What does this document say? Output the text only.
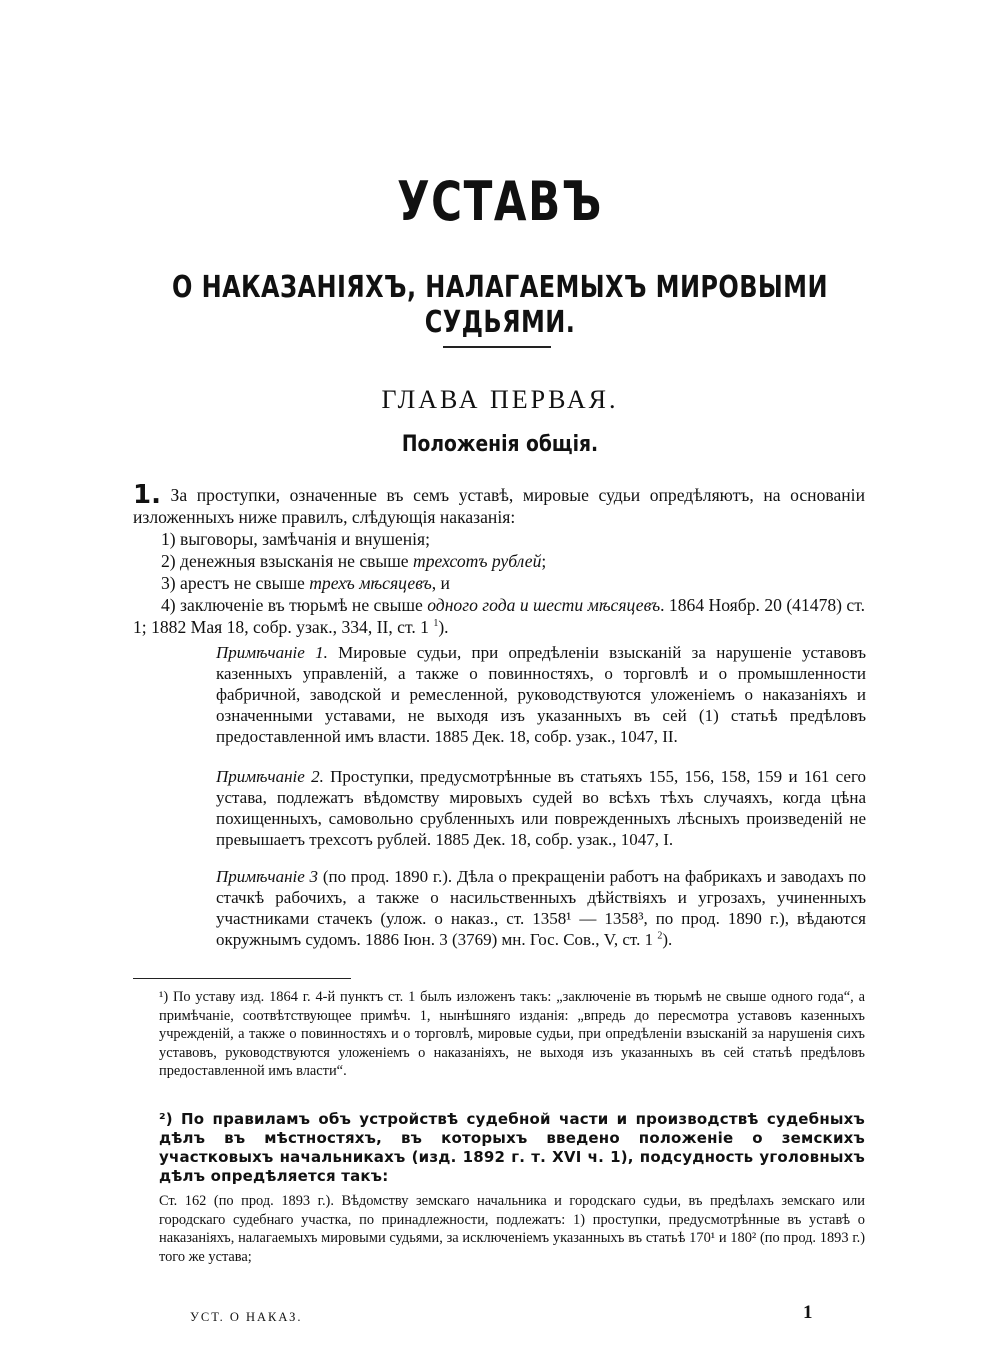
УСТАВЪ
О НАКАЗАНІЯХЪ, НАЛАГАЕМЫХЪ МИРОВЫМИ СУДЬЯМИ.
ГЛАВА ПЕРВАЯ.
Положенія общія.
1. За проступки, означенные въ семъ уставѣ, мировые судьи опредѣляютъ, на основаніи изложенныхъ ниже правилъ, слѣдующія наказанія:
1) выговоры, замѣчанія и внушенія;
2) денежныя взысканія не свыше трехсотъ рублей;
3) арестъ не свыше трехъ мѣсяцевъ, и
4) заключеніе въ тюрьмѣ не свыше одного года и шести мѣсяцевъ. 1864 Ноябр. 20 (41478) ст. 1; 1882 Мая 18, собр. узак., 334, II, ст. 1 $^1$).
Примѣчаніе 1. Мировые судьи, при опредѣленіи взысканій за нарушеніе уставовъ казенныхъ управленій, а также о повинностяхъ, о торговлѣ и о промышленности фабричной, заводской и ремесленной, руководствуются уложеніемъ о наказаніяхъ и означенными уставами, не выходя изъ указанныхъ въ сей (1) статьѣ предѣловъ предоставленной имъ власти. 1885 Дек. 18, собр. узак., 1047, II.
Примѣчаніе 2. Проступки, предусмотрѣнные въ статьяхъ 155, 156, 158, 159 и 161 сего устава, подлежатъ вѣдомству мировыхъ судей во всѣхъ тѣхъ случаяхъ, когда цѣна похищенныхъ, самовольно срубленныхъ или поврежденныхъ лѣсныхъ произведеній не превышаетъ трехсотъ рублей. 1885 Дек. 18, собр. узак., 1047, I.
Примѣчаніе 3 (по прод. 1890 г.). Дѣла о прекращеніи работъ на фабрикахъ и заводахъ по стачкѣ рабочихъ, а также о насильственныхъ дѣйствіяхъ и угрозахъ, учиненныхъ участниками стачекъ (улож. о наказ., ст. 1358¹ — 1358³, по прод. 1890 г.), вѣдаются окружнымъ судомъ. 1886 Іюн. 3 (3769) мн. Гос. Сов., V, ст. 1 $^2$).
¹) По уставу изд. 1864 г. 4-й пунктъ ст. 1 былъ изложенъ такъ: „заключеніе въ тюрьмѣ не свыше одного года“, а примѣчаніе, соотвѣтствующее примѣч. 1, нынѣшняго изданія: „впредь до пересмотра уставовъ казенныхъ учрежденій, а также о повинностяхъ и о торговлѣ, мировые судьи, при опредѣленіи взысканій за нарушенія сихъ уставовъ, руководствуются уложеніемъ о наказаніяхъ, не выходя изъ указанныхъ въ сей статьѣ предѣловъ предоставленной имъ власти“.
²) По правиламъ объ устройствѣ судебной части и производствѣ судебныхъ дѣлъ въ мѣстностяхъ, въ которыхъ введено положеніе о земскихъ участковыхъ начальникахъ (изд. 1892 г. т. XVI ч. 1), подсудность уголовныхъ дѣлъ опредѣляется такъ:
Ст. 162 (по прод. 1893 г.). Вѣдомству земскаго начальника и городскаго судьи, въ предѣлахъ земскаго или городскаго судебнаго участка, по принадлежности, подлежатъ: 1) проступки, предусмотрѣнные въ уставѣ о наказаніяхъ, налагаемыхъ мировыми судьями, за исключеніемъ указанныхъ въ статьѣ 170¹ и 180² (по прод. 1893 г.) того же устава;
УСТ. О НАКАЗ.	1
